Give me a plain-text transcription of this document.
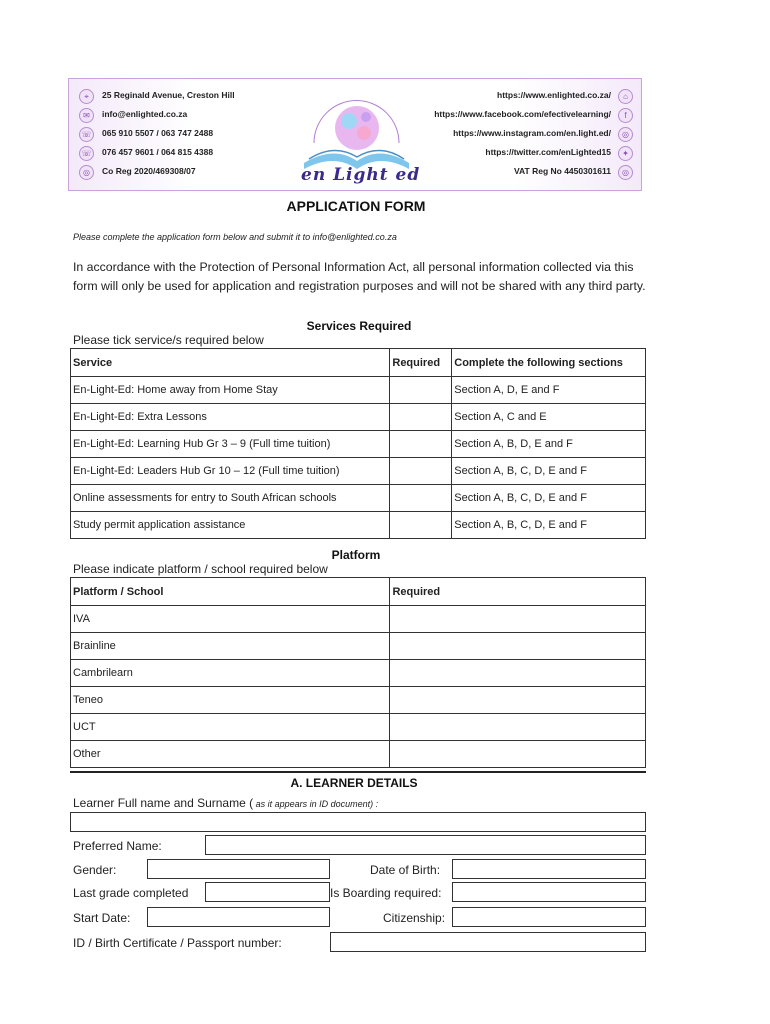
⌖	25 Reginald Avenue, Creston Hill
✉	info@enlighted.co.za
☏ 065 910 5507 / 063 747 2488
☏ 076 457 9601 / 064 815 4388
◎	Co Reg 2020/469308/07
https://www.enlighted.co.za/	⌂
https://www.facebook.com/efectivelearning/	f
https://www.instagram.com/en.light.ed/	◎
https://twitter.com/enLighted15	✦
VAT Reg No 4450301611	◎
en Light ed
APPLICATION FORM
Please complete the application form below and submit it to info@enlighted.co.za
In accordance with the Protection of Personal Information Act, all personal information collected via this form will only be used for application and registration purposes and will not be shared with any third party.
Services Required
Please tick service/s required below
Service	Required	Complete the following sections
En-Light-Ed: Home away from Home Stay		Section A, D, E and F
En-Light-Ed: Extra Lessons		Section A, C and E
En-Light-Ed: Learning Hub Gr 3 – 9 (Full time tuition)		Section A, B, D, E and F
En-Light-Ed: Leaders Hub Gr 10 – 12 (Full time tuition)		Section A, B, C, D, E and F
Online assessments for entry to South African schools		Section A, B, C, D, E and F
Study permit application assistance		Section A, B, C, D, E and F
Platform
Please indicate platform / school required below
Platform / School	Required
IVA	
Brainline	
Cambrilearn	
Teneo	
UCT	
Other	
A. LEARNER DETAILS
Learner Full name and Surname ( as it appears in ID document) :
Preferred Name:
Gender:	Date of Birth:
Last grade completed	Is Boarding required:
Start Date:	Citizenship:
ID / Birth Certificate / Passport number:
